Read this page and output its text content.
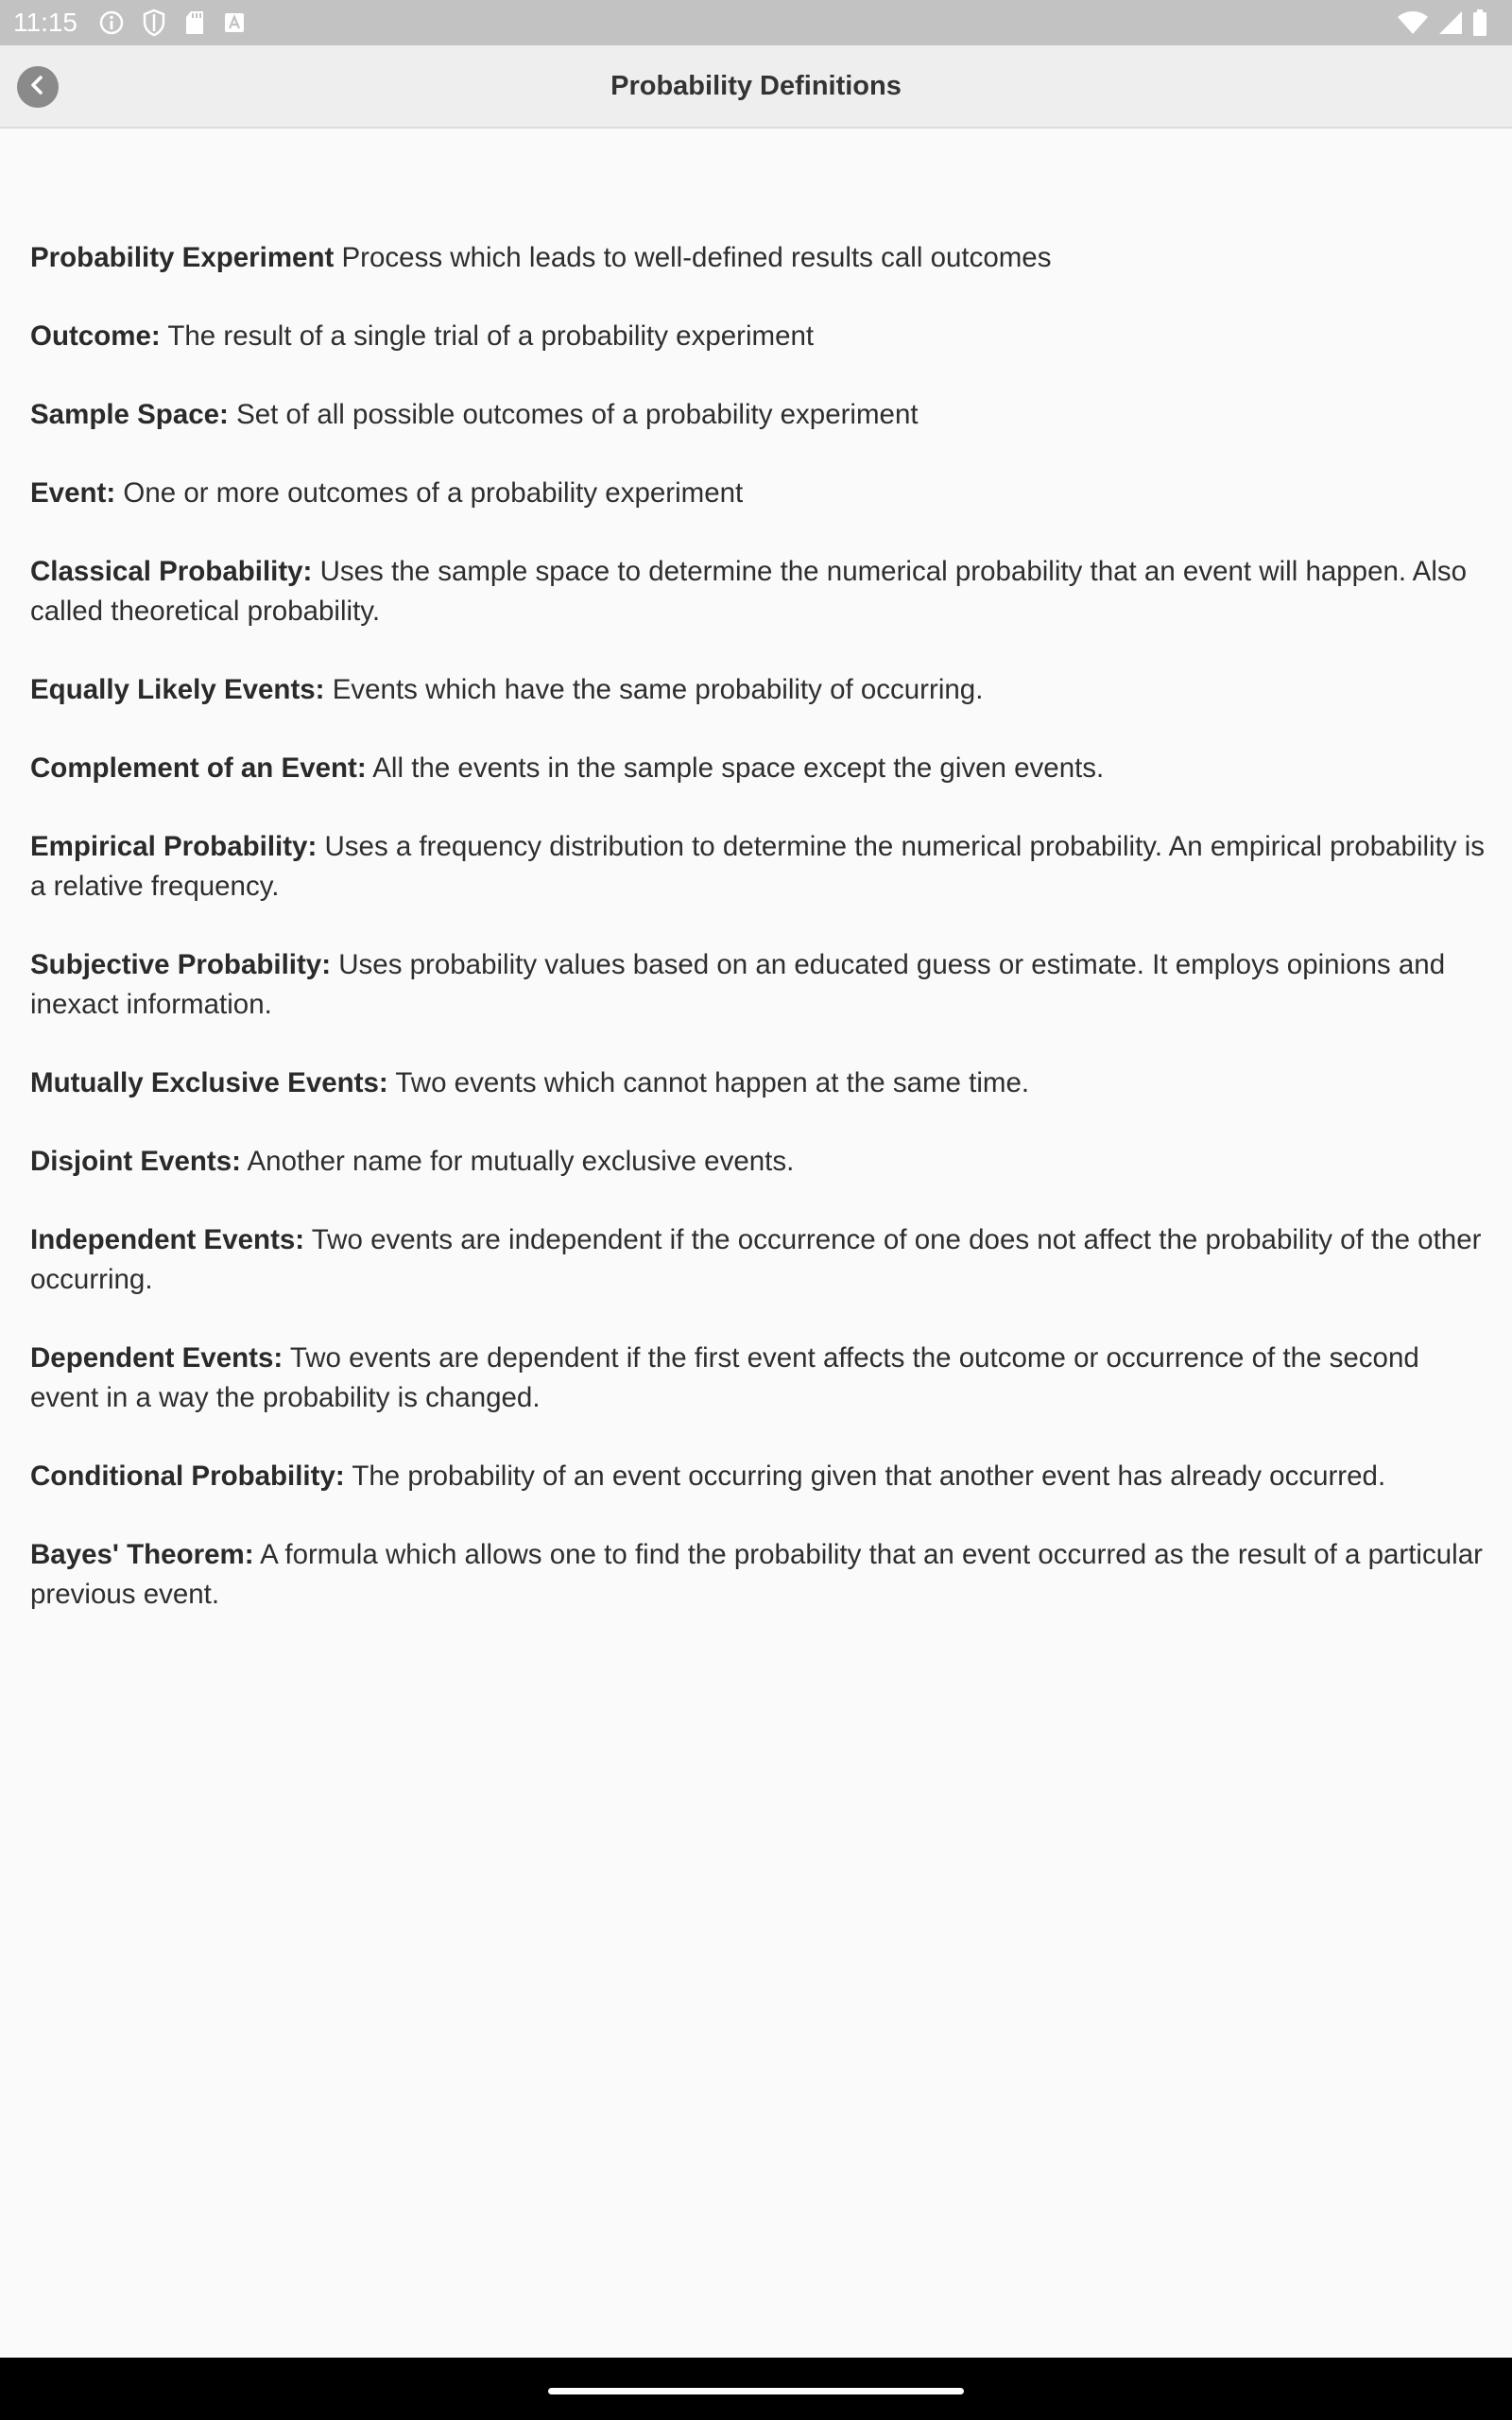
11:15
Probability Definitions

Probability Experiment Process which leads to well-defined results call outcomes

Outcome: The result of a single trial of a probability experiment

Sample Space: Set of all possible outcomes of a probability experiment

Event: One or more outcomes of a probability experiment

Classical Probability: Uses the sample space to determine the numerical probability that an event will happen. Also called theoretical probability.

Equally Likely Events: Events which have the same probability of occurring.

Complement of an Event: All the events in the sample space except the given events.

Empirical Probability: Uses a frequency distribution to determine the numerical probability. An empirical probability is a relative frequency.

Subjective Probability: Uses probability values based on an educated guess or estimate. It employs opinions and inexact information.

Mutually Exclusive Events: Two events which cannot happen at the same time.

Disjoint Events: Another name for mutually exclusive events.

Independent Events: Two events are independent if the occurrence of one does not affect the probability of the other occurring.

Dependent Events: Two events are dependent if the first event affects the outcome or occurrence of the second event in a way the probability is changed.

Conditional Probability: The probability of an event occurring given that another event has already occurred.

Bayes' Theorem: A formula which allows one to find the probability that an event occurred as the result of a particular previous event.
